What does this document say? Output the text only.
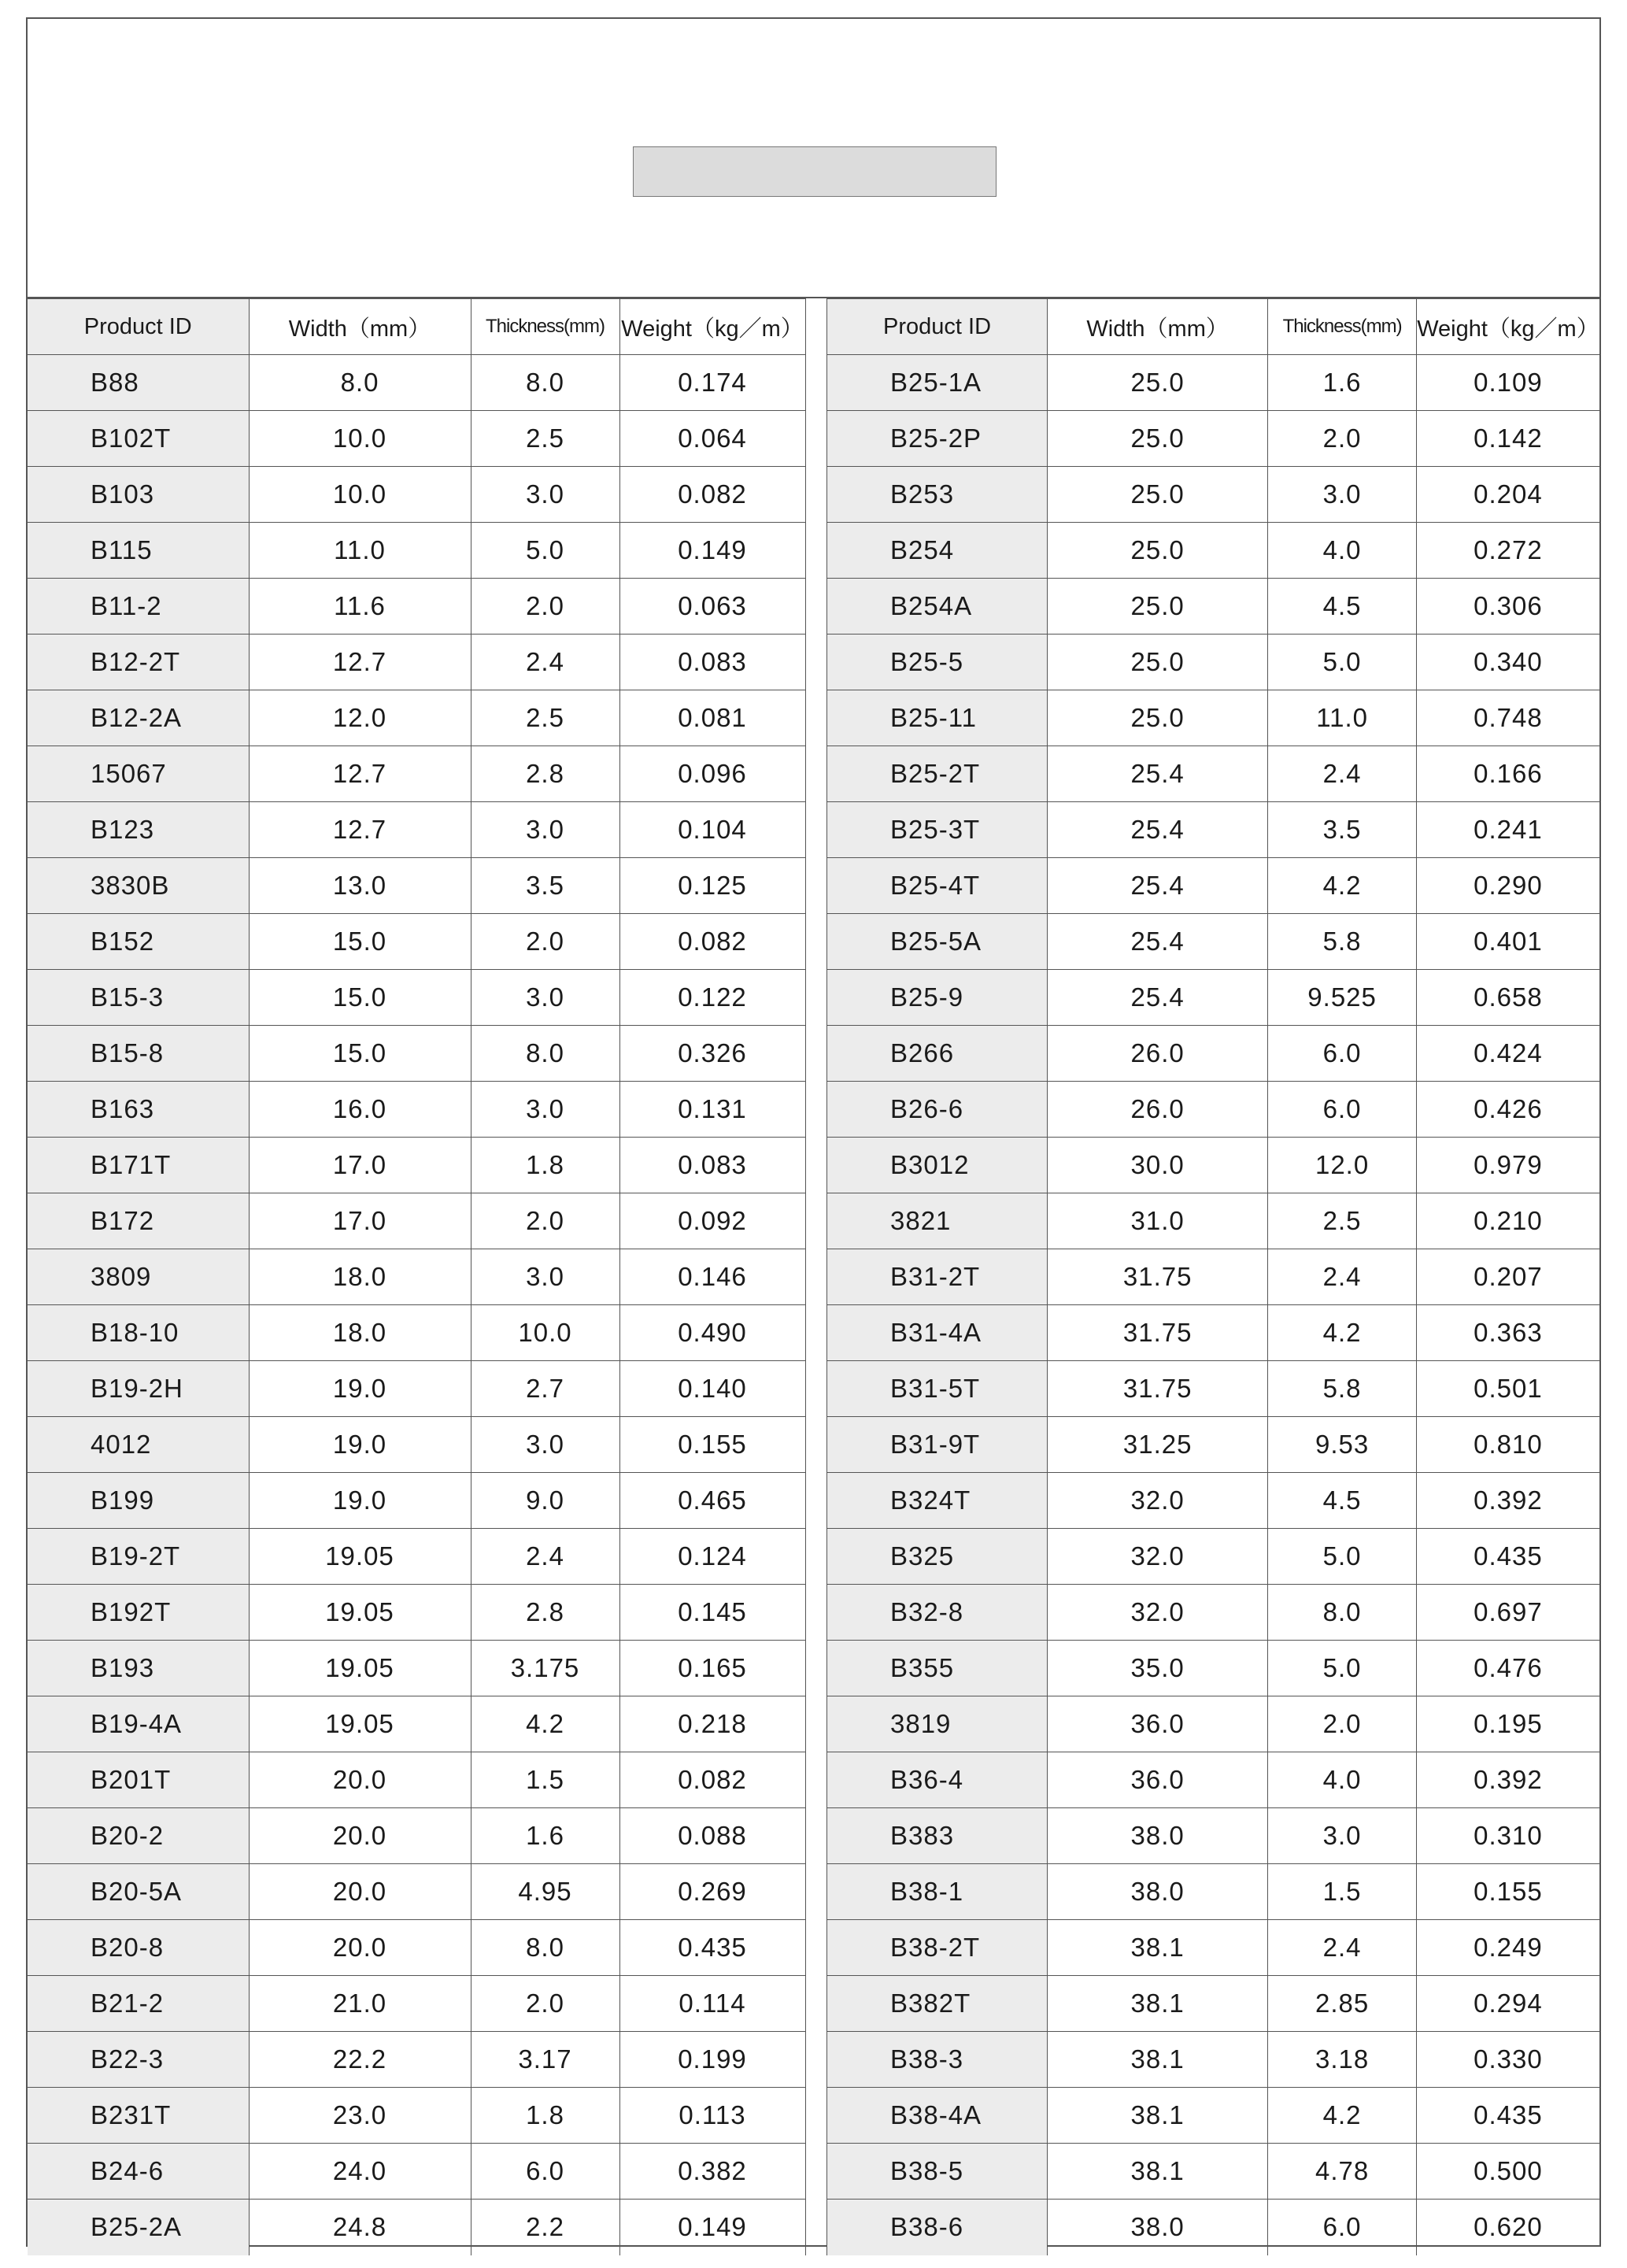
Product ID	Width（mm）	Thickness(mm)	Weight（kg／m）
B88	8.0	8.0	0.174
B102T	10.0	2.5	0.064
B103	10.0	3.0	0.082
B115	11.0	5.0	0.149
B11-2	11.6	2.0	0.063
B12-2T	12.7	2.4	0.083
B12-2A	12.0	2.5	0.081
15067	12.7	2.8	0.096
B123	12.7	3.0	0.104
3830B	13.0	3.5	0.125
B152	15.0	2.0	0.082
B15-3	15.0	3.0	0.122
B15-8	15.0	8.0	0.326
B163	16.0	3.0	0.131
B171T	17.0	1.8	0.083
B172	17.0	2.0	0.092
3809	18.0	3.0	0.146
B18-10	18.0	10.0	0.490
B19-2H	19.0	2.7	0.140
4012	19.0	3.0	0.155
B199	19.0	9.0	0.465
B19-2T	19.05	2.4	0.124
B192T	19.05	2.8	0.145
B193	19.05	3.175	0.165
B19-4A	19.05	4.2	0.218
B201T	20.0	1.5	0.082
B20-2	20.0	1.6	0.088
B20-5A	20.0	4.95	0.269
B20-8	20.0	8.0	0.435
B21-2	21.0	2.0	0.114
B22-3	22.2	3.17	0.199
B231T	23.0	1.8	0.113
B24-6	24.0	6.0	0.382
B25-2A	24.8	2.2	0.149
Product ID	Width（mm）	Thickness(mm)	Weight（kg／m）
B25-1A	25.0	1.6	0.109
B25-2P	25.0	2.0	0.142
B253	25.0	3.0	0.204
B254	25.0	4.0	0.272
B254A	25.0	4.5	0.306
B25-5	25.0	5.0	0.340
B25-11	25.0	11.0	0.748
B25-2T	25.4	2.4	0.166
B25-3T	25.4	3.5	0.241
B25-4T	25.4	4.2	0.290
B25-5A	25.4	5.8	0.401
B25-9	25.4	9.525	0.658
B266	26.0	6.0	0.424
B26-6	26.0	6.0	0.426
B3012	30.0	12.0	0.979
3821	31.0	2.5	0.210
B31-2T	31.75	2.4	0.207
B31-4A	31.75	4.2	0.363
B31-5T	31.75	5.8	0.501
B31-9T	31.25	9.53	0.810
B324T	32.0	4.5	0.392
B325	32.0	5.0	0.435
B32-8	32.0	8.0	0.697
B355	35.0	5.0	0.476
3819	36.0	2.0	0.195
B36-4	36.0	4.0	0.392
B383	38.0	3.0	0.310
B38-1	38.0	1.5	0.155
B38-2T	38.1	2.4	0.249
B382T	38.1	2.85	0.294
B38-3	38.1	3.18	0.330
B38-4A	38.1	4.2	0.435
B38-5	38.1	4.78	0.500
B38-6	38.0	6.0	0.620
